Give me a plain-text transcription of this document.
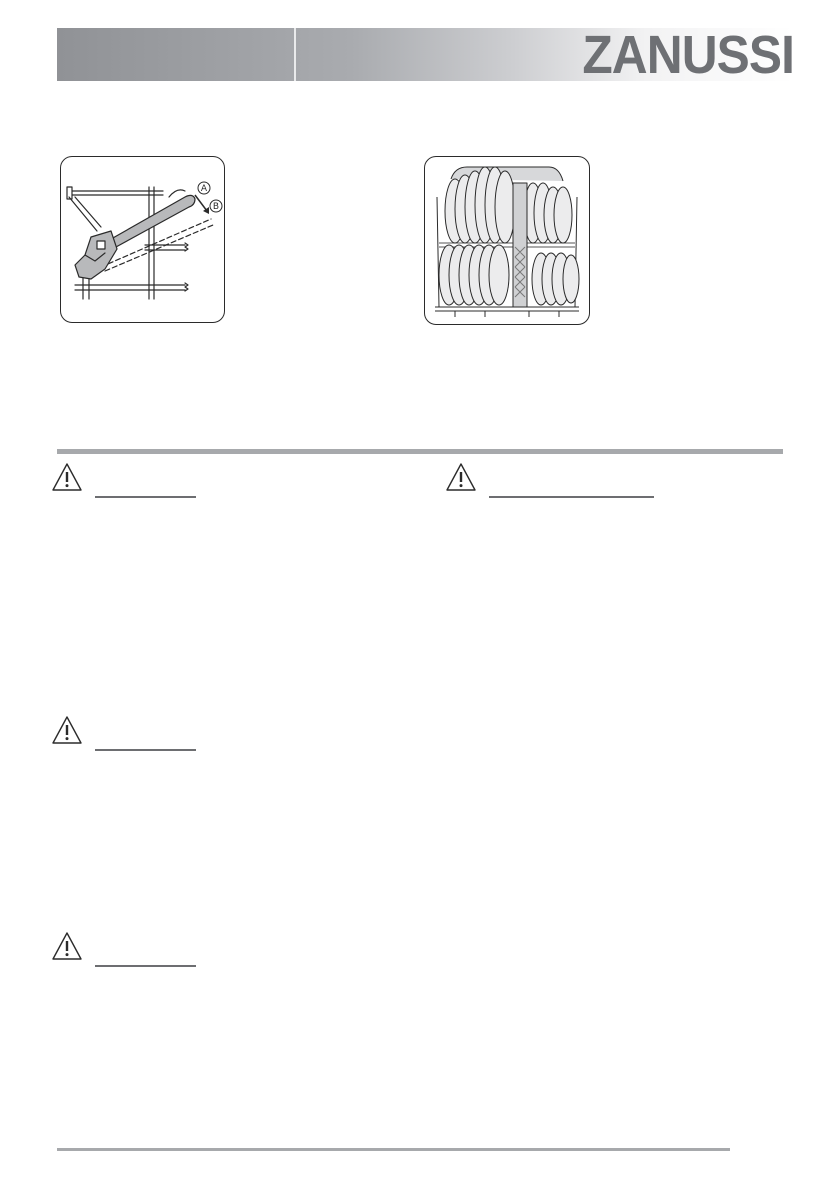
ZANUSSI
A
B
